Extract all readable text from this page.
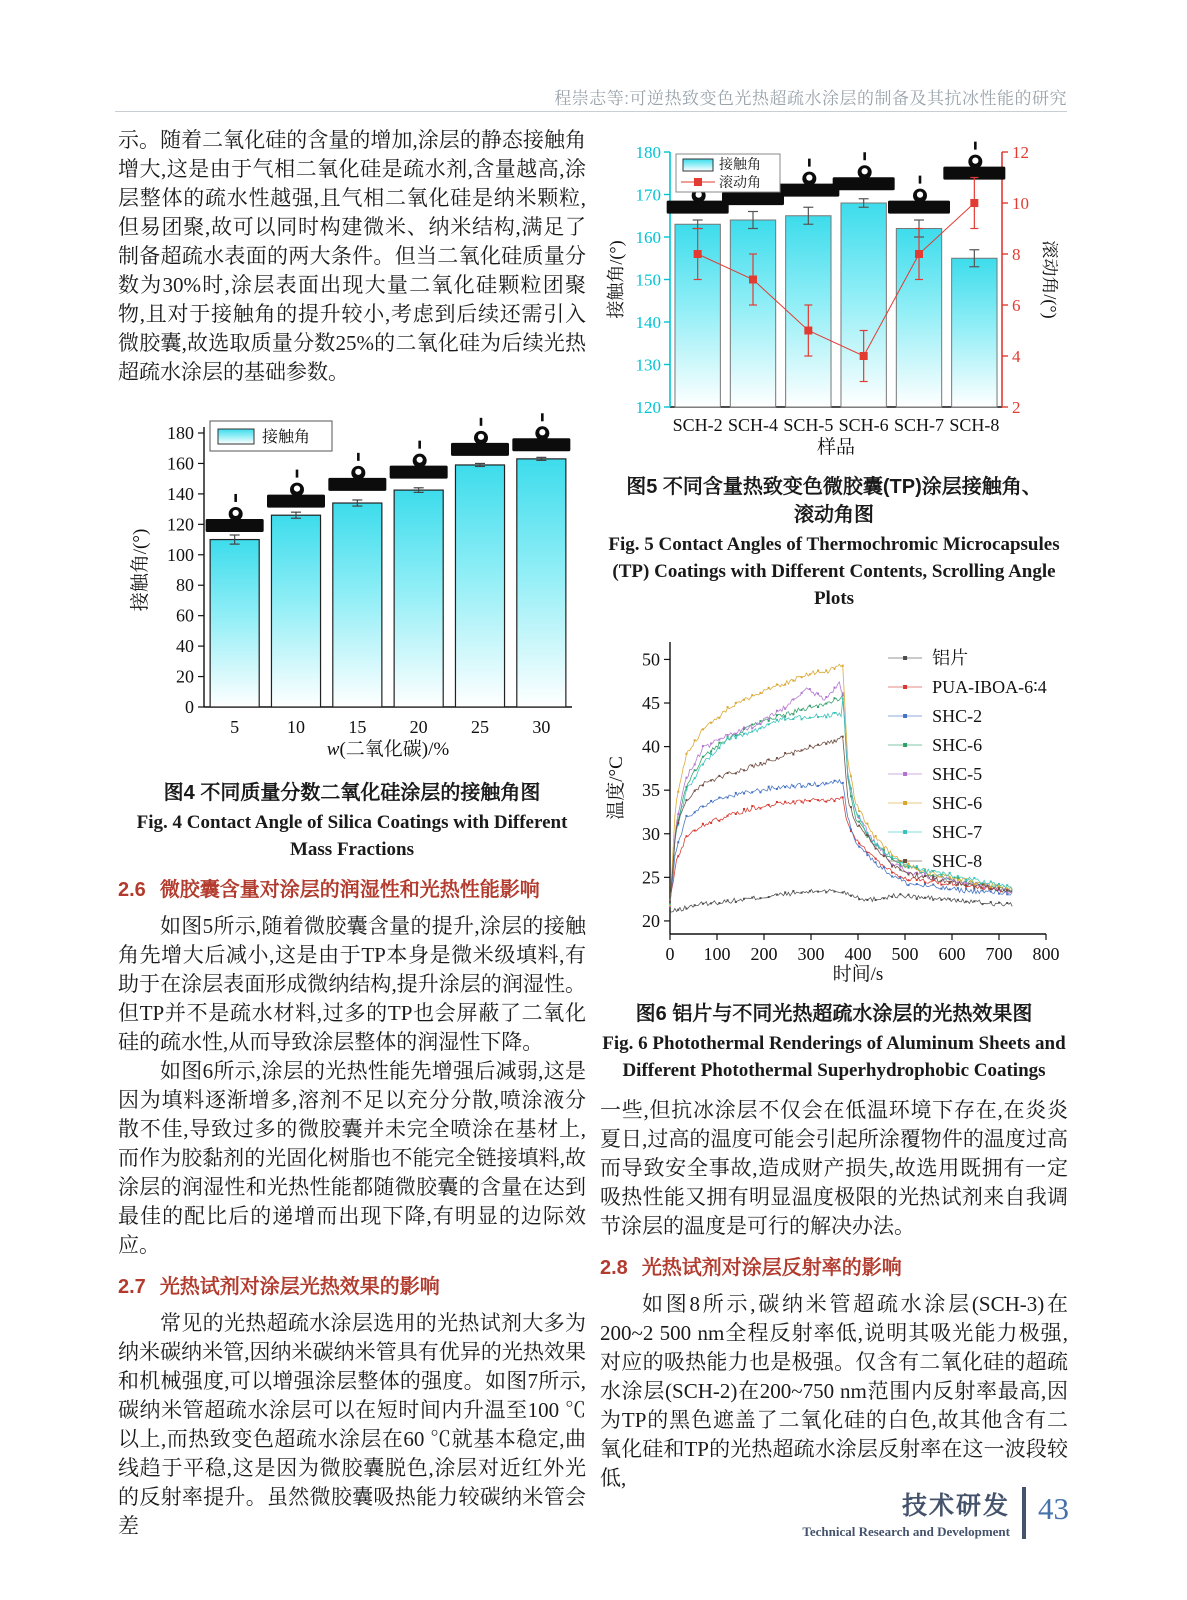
程崇志等:可逆热致变色光热超疏水涂层的制备及其抗冰性能的研究

示。随着二氧化硅的含量的增加,涂层的静态接触角增大,这是由于气相二氧化硅是疏水剂,含量越高,涂层整体的疏水性越强,且气相二氧化硅是纳米颗粒,但易团聚,故可以同时构建微米、纳米结构,满足了制备超疏水表面的两大条件。但当二氧化硅质量分数为30%时,涂层表面出现大量二氧化硅颗粒团聚物,且对于接触角的提升较小,考虑到后续还需引入微胶囊,故选取质量分数25%的二氧化硅为后续光热超疏水涂层的基础参数。

0
20
40
60
80
100
120
140
160
180
接触角/(°)
5	10 15 20 25 30
w(二氧化碳)/%
接触角
图4 不同质量分数二氧化硅涂层的接触角图
Fig. 4 Contact Angle of Silica Coatings with Different Mass Fractions
2.6 微胶囊含量对涂层的润湿性和光热性能影响

如图5所示,随着微胶囊含量的提升,涂层的接触角先增大后减小,这是由于TP本身是微米级填料,有助于在涂层表面形成微纳结构,提升涂层的润湿性。但TP并不是疏水材料,过多的TP也会屏蔽了二氧化硅的疏水性,从而导致涂层整体的润湿性下降。

如图6所示,涂层的光热性能先增强后减弱,这是因为填料逐渐增多,溶剂不足以充分分散,喷涂液分散不佳,导致过多的微胶囊并未完全喷涂在基材上,而作为胶黏剂的光固化树脂也不能完全链接填料,故涂层的润湿性和光热性能都随微胶囊的含量在达到最佳的配比后的递增而出现下降,有明显的边际效应。

2.7 光热试剂对涂层光热效果的影响

常见的光热超疏水涂层选用的光热试剂大多为纳米碳纳米管,因纳米碳纳米管具有优异的光热效果和机械强度,可以增强涂层整体的强度。如图7所示,碳纳米管超疏水涂层可以在短时间内升温至100 ℃以上,而热致变色超疏水涂层在60 ℃就基本稳定,曲线趋于平稳,这是因为微胶囊脱色,涂层对近红外光的反射率提升。虽然微胶囊吸热能力较碳纳米管会差

120
130
140
150
160
170
180
2
4
6
8
10
12
接触角/(°)	滚动角/(°)
SCH-2 SCH-4 SCH-5 SCH-6 SCH-7 SCH-8
样品
接触角
滚动角
图5 不同含量热致变色微胶囊(TP)涂层接触角、
滚动角图
Fig. 5 Contact Angles of Thermochromic Microcapsules (TP) Coatings with Different Contents, Scrolling Angle Plots
20
25
30
35
40
45
50
0 100 200 300 400 500 600 700 800
温度/°C
时间/s
铝片
PUA-IBOA-6∶4
SHC-2
SHC-6
SHC-5
SHC-6
SHC-7
SHC-8
图6 铝片与不同光热超疏水涂层的光热效果图
Fig. 6 Photothermal Renderings of Aluminum Sheets and Different Photothermal Superhydrophobic Coatings

一些,但抗冰涂层不仅会在低温环境下存在,在炎炎夏日,过高的温度可能会引起所涂覆物件的温度过高而导致安全事故,造成财产损失,故选用既拥有一定吸热性能又拥有明显温度极限的光热试剂来自我调节涂层的温度是可行的解决办法。

2.8 光热试剂对涂层反射率的影响

如图8所示,碳纳米管超疏水涂层(SCH-3)在200~2 500 nm全程反射率低,说明其吸光能力极强,对应的吸热能力也是极强。仅含有二氧化硅的超疏水涂层(SCH-2)在200~750 nm范围内反射率最高,因为TP的黑色遮盖了二氧化硅的白色,故其他含有二氧化硅和TP的光热超疏水涂层反射率在这一波段较低,

技术研发
Technical Research and Development
43
